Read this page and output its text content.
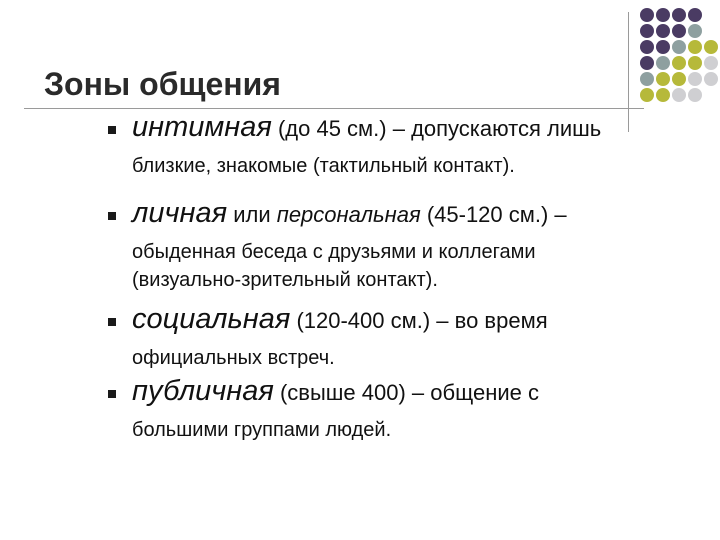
Зоны общения
интимная (до 45 см.) – допускаются лишь
близкие, знакомые (тактильный контакт).
личная или персональная (45-120 см.) –
обыденная беседа с друзьями и коллегами
(визуально-зрительный контакт).
социальная (120-400 см.) – во время
официальных встреч.
публичная (свыше 400) – общение с
большими группами людей.
